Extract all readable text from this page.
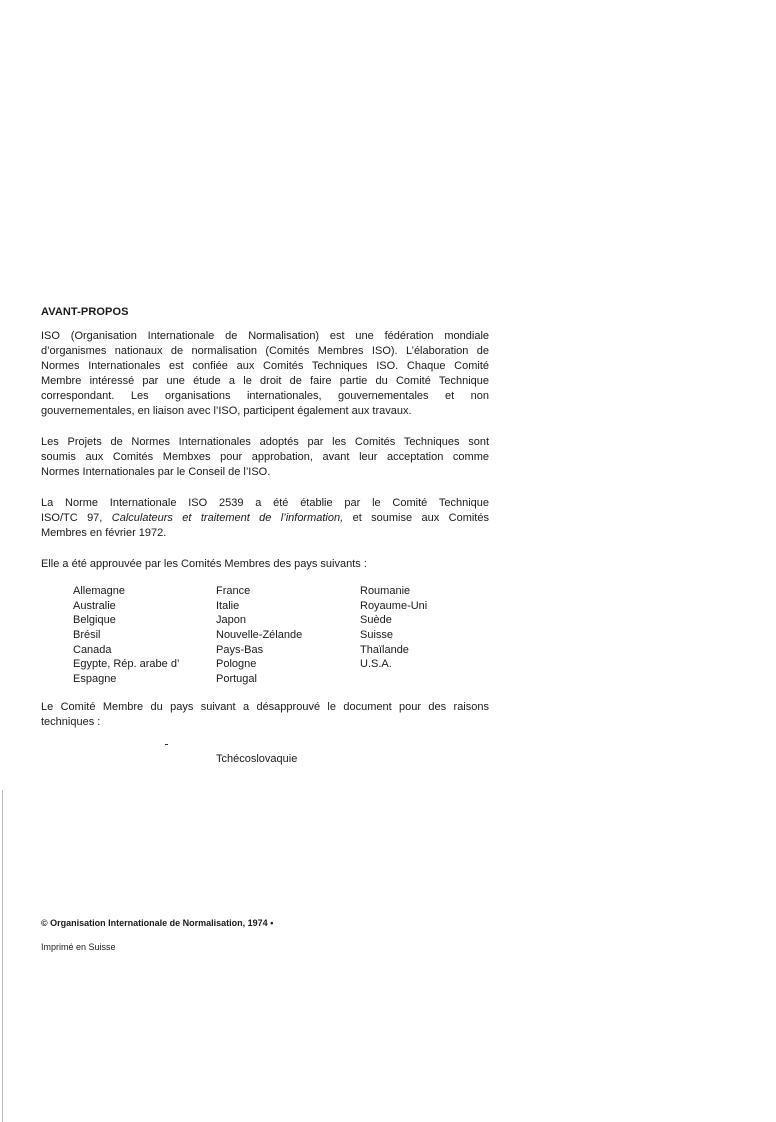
AVANT-PROPOS
ISO (Organisation Internationale de Normalisation) est une fédération mondiale
d’organismes nationaux de normalisation (Comités Membres ISO). L’élaboration de
Normes Internationales est confiée aux Comités Techniques ISO. Chaque Comité
Membre intéressé par une étude a le droit de faire partie du Comité Technique
correspondant. Les organisations internationales, gouvernementales et non
gouvernementales, en liaison avec l’ISO, participent également aux travaux.
Les Projets de Normes Internationales adoptés par les Comités Techniques sont
soumis aux Comités Membxes pour approbation, avant leur acceptation comme
Normes Internationales par le Conseil de l’ISO.
La Norme Internationale ISO 2539 a été établie par le Comité Technique
ISO/TC 97, Calculateurs et traitement de l’information, et soumise aux Comités
Membres en février 1972.
Elle a été approuvée par les Comités Membres des pays suivants :
Allemagne
Australie
Belgique
Brésil
Canada
Egypte, Rép. arabe d’
Espagne
France
Italie
Japon
Nouvelle-Zélande
Pays-Bas
Pologne
Portugal
Roumanie
Royaume-Uni
Suède
Suisse
Thaïlande
U.S.A.
Le Comité Membre du pays suivant a désapprouvé le document pour des raisons
techniques :
Tchécoslovaquie
© Organisation Internationale de Normalisation, 1974 •
Imprimé en Suisse
